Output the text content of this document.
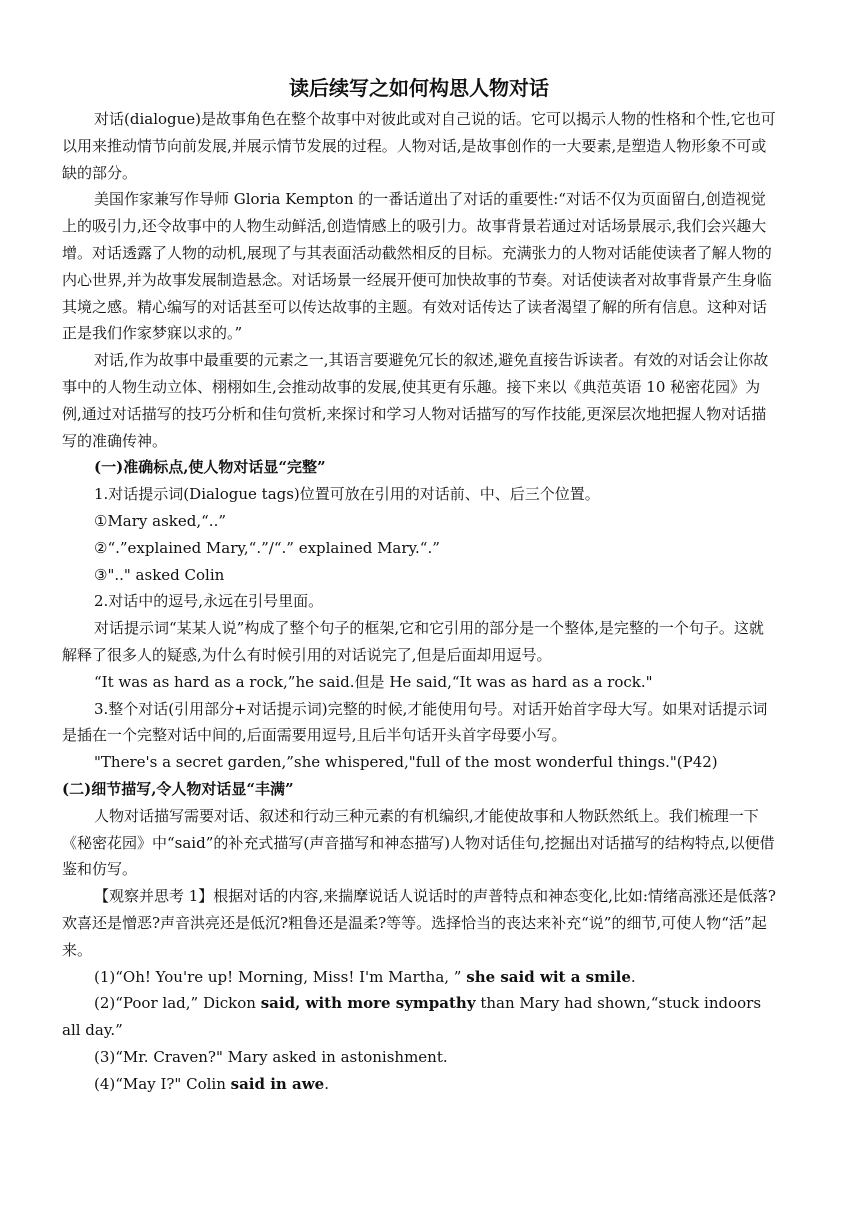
读后续写之如何构思人物对话

对话(dialogue)是故事角色在整个故事中对彼此或对自己说的话。它可以揭示人物的性格和个性,它也可以用来推动情节向前发展,并展示情节发展的过程。人物对话,是故事创作的一大要素,是塑造人物形象不可或缺的部分。

美国作家兼写作导师 Gloria Kempton 的一番话道出了对话的重要性:“对话不仅为页面留白,创造视觉上的吸引力,还令故事中的人物生动鲜活,创造情感上的吸引力。故事背景若通过对话场景展示,我们会兴趣大增。对话透露了人物的动机,展现了与其表面活动截然相反的目标。充满张力的人物对话能使读者了解人物的内心世界,并为故事发展制造悬念。对话场景一经展开便可加快故事的节奏。对话使读者对故事背景产生身临其境之感。精心编写的对话甚至可以传达故事的主题。有效对话传达了读者渴望了解的所有信息。这种对话正是我们作家梦寐以求的。”

对话,作为故事中最重要的元素之一,其语言要避免冗长的叙述,避免直接告诉读者。有效的对话会让你故事中的人物生动立体、栩栩如生,会推动故事的发展,使其更有乐趣。接下来以《典范英语 10 秘密花园》为例,通过对话描写的技巧分析和佳句赏析,来探讨和学习人物对话描写的写作技能,更深层次地把握人物对话描写的准确传神。

(一)准确标点,使人物对话显“完整”

1.对话提示词(Dialogue tags)位置可放在引用的对话前、中、后三个位置。

①Mary asked,“..”

②“.”explained Mary,“.”/“.” explained Mary.“.”

③".." asked Colin

2.对话中的逗号,永远在引号里面。

对话提示词“某某人说”构成了整个句子的框架,它和它引用的部分是一个整体,是完整的一个句子。这就解释了很多人的疑惑,为什么有时候引用的对话说完了,但是后面却用逗号。

“It was as hard as a rock,”he said.但是 He said,“It was as hard as a rock."

3.整个对话(引用部分+对话提示词)完整的时候,才能使用句号。对话开始首字母大写。如果对话提示词是插在一个完整对话中间的,后面需要用逗号,且后半句话开头首字母要小写。

"There's a secret garden,”she whispered,"full of the most wonderful things."(P42)

(二)细节描写,令人物对话显“丰满”

人物对话描写需要对话、叙述和行动三种元素的有机编织,才能使故事和人物跃然纸上。我们梳理一下《秘密花园》中“said”的补充式描写(声音描写和神态描写)人物对话佳句,挖掘出对话描写的结构特点,以便借鉴和仿写。

【观察并思考 1】根据对话的内容,来揣摩说话人说话时的声普特点和神态变化,比如:情绪高涨还是低落?欢喜还是憎恶?声音洪亮还是低沉?粗鲁还是温柔?等等。选择恰当的丧达来补充“说”的细节,可使人物“活”起来。

(1)“Oh! You're up! Morning, Miss! I'm Martha, ” she said wit a smile.

(2)“Poor lad,” Dickon said, with more sympathy than Mary had shown,“stuck indoors all day.”

(3)“Mr. Craven?" Mary asked in astonishment.

(4)“May I?" Colin said in awe.
